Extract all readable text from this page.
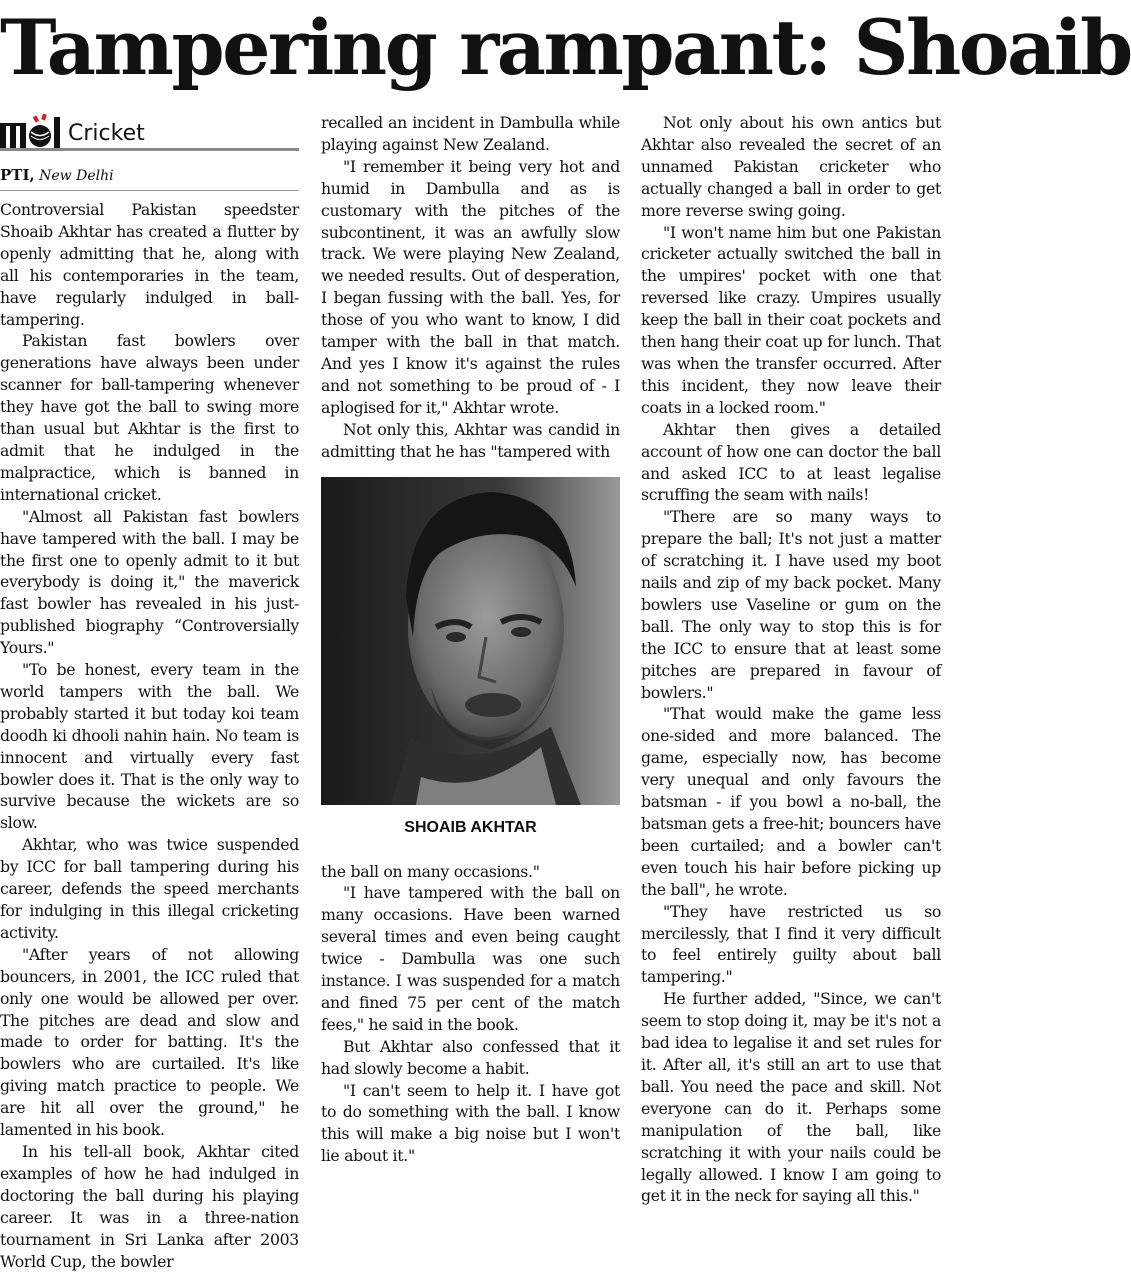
Tampering rampant: Shoaib
Cricket
PTI, New Delhi

Controversial Pakistan speedster Shoaib Akhtar has created a flutter by openly admitting that he, along with all his contemporaries in the team, have regularly indulged in ball-tampering.

Pakistan fast bowlers over generations have always been under scanner for ball-tampering whenever they have got the ball to swing more than usual but Akhtar is the first to admit that he indulged in the malpractice, which is banned in international cricket.

"Almost all Pakistan fast bowlers have tampered with the ball. I may be the first one to openly admit to it but everybody is doing it," the maverick fast bowler has revealed in his just-published biography “Controversially Yours."

"To be honest, every team in the world tampers with the ball. We probably started it but today koi team doodh ki dhooli nahin hain. No team is innocent and virtually every fast bowler does it. That is the only way to survive because the wickets are so slow.

Akhtar, who was twice suspended by ICC for ball tampering during his career, defends the speed merchants for indulging in this illegal cricketing activity.

"After years of not allowing bouncers, in 2001, the ICC ruled that only one would be allowed per over. The pitches are dead and slow and made to order for batting. It's the bowlers who are curtailed. It's like giving match practice to people. We are hit all over the ground," he lamented in his book.

In his tell-all book, Akhtar cited examples of how he had indulged in doctoring the ball during his playing career. It was in a three-nation tournament in Sri Lanka after 2003 World Cup, the bowler

recalled an incident in Dambulla while playing against New Zealand.

"I remember it being very hot and humid in Dambulla and as is customary with the pitches of the subcontinent, it was an awfully slow track. We were playing New Zealand, we needed results. Out of desperation, I began fussing with the ball. Yes, for those of you who want to know, I did tamper with the ball in that match. And yes I know it's against the rules and not something to be proud of - I aplogised for it," Akhtar wrote.

Not only this, Akhtar was candid in admitting that he has "tampered with

SHOAIB AKHTAR

the ball on many occasions."

"I have tampered with the ball on many occasions. Have been warned several times and even being caught twice - Dambulla was one such instance. I was suspended for a match and fined 75 per cent of the match fees," he said in the book.

But Akhtar also confessed that it had slowly become a habit.

"I can't seem to help it. I have got to do something with the ball. I know this will make a big noise but I won't lie about it."

Not only about his own antics but Akhtar also revealed the secret of an unnamed Pakistan cricketer who actually changed a ball in order to get more reverse swing going.

"I won't name him but one Pakistan cricketer actually switched the ball in the umpires' pocket with one that reversed like crazy. Umpires usually keep the ball in their coat pockets and then hang their coat up for lunch. That was when the transfer occurred. After this incident, they now leave their coats in a locked room."

Akhtar then gives a detailed account of how one can doctor the ball and asked ICC to at least legalise scruffing the seam with nails!

"There are so many ways to prepare the ball; It's not just a matter of scratching it. I have used my boot nails and zip of my back pocket. Many bowlers use Vaseline or gum on the ball. The only way to stop this is for the ICC to ensure that at least some pitches are prepared in favour of bowlers."

"That would make the game less one-sided and more balanced. The game, especially now, has become very unequal and only favours the batsman - if you bowl a no-ball, the batsman gets a free-hit; bouncers have been curtailed; and a bowler can't even touch his hair before picking up the ball", he wrote.

"They have restricted us so mercilessly, that I find it very difficult to feel entirely guilty about ball tampering."

He further added, "Since, we can't seem to stop doing it, may be it's not a bad idea to legalise it and set rules for it. After all, it's still an art to use that ball. You need the pace and skill. Not everyone can do it. Perhaps some manipulation of the ball, like scratching it with your nails could be legally allowed. I know I am going to get it in the neck for saying all this."
